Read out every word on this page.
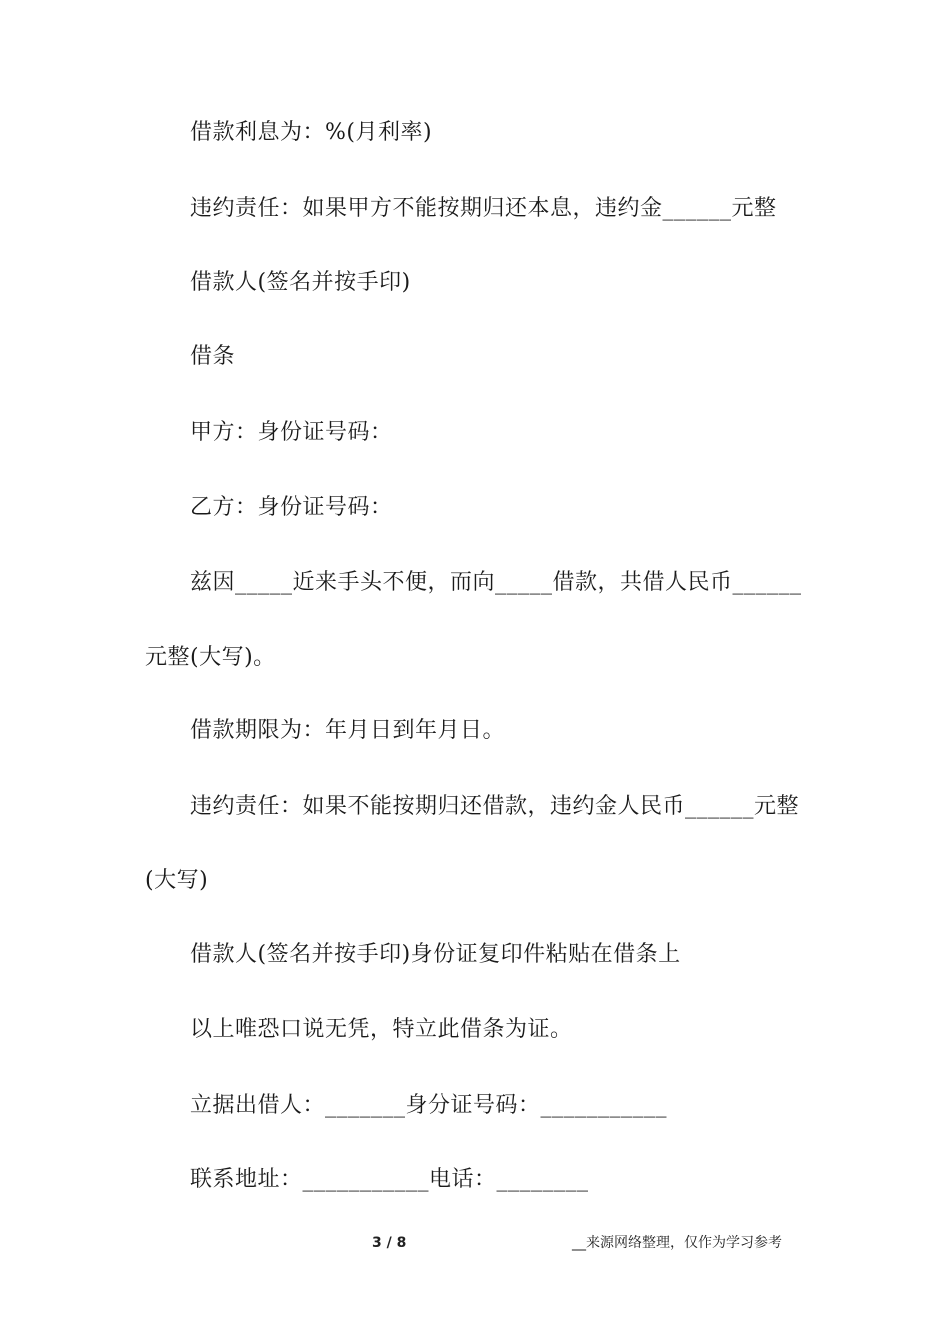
借款利息为：%(月利率)
违约责任：如果甲方不能按期归还本息，违约金______元整
借款人(签名并按手印)
借条
甲方：身份证号码：
乙方：身份证号码：
兹因_____近来手头不便，而向_____借款，共借人民币______
元整(大写)。
借款期限为：年月日到年月日。
违约责任：如果不能按期归还借款，违约金人民币______元整
(大写)
借款人(签名并按手印)身份证复印件粘贴在借条上
以上唯恐口说无凭，特立此借条为证。
立据出借人：_______身分证号码：___________
联系地址：___________电话：________
3 / 8	__来源网络整理，仅作为学习参考
